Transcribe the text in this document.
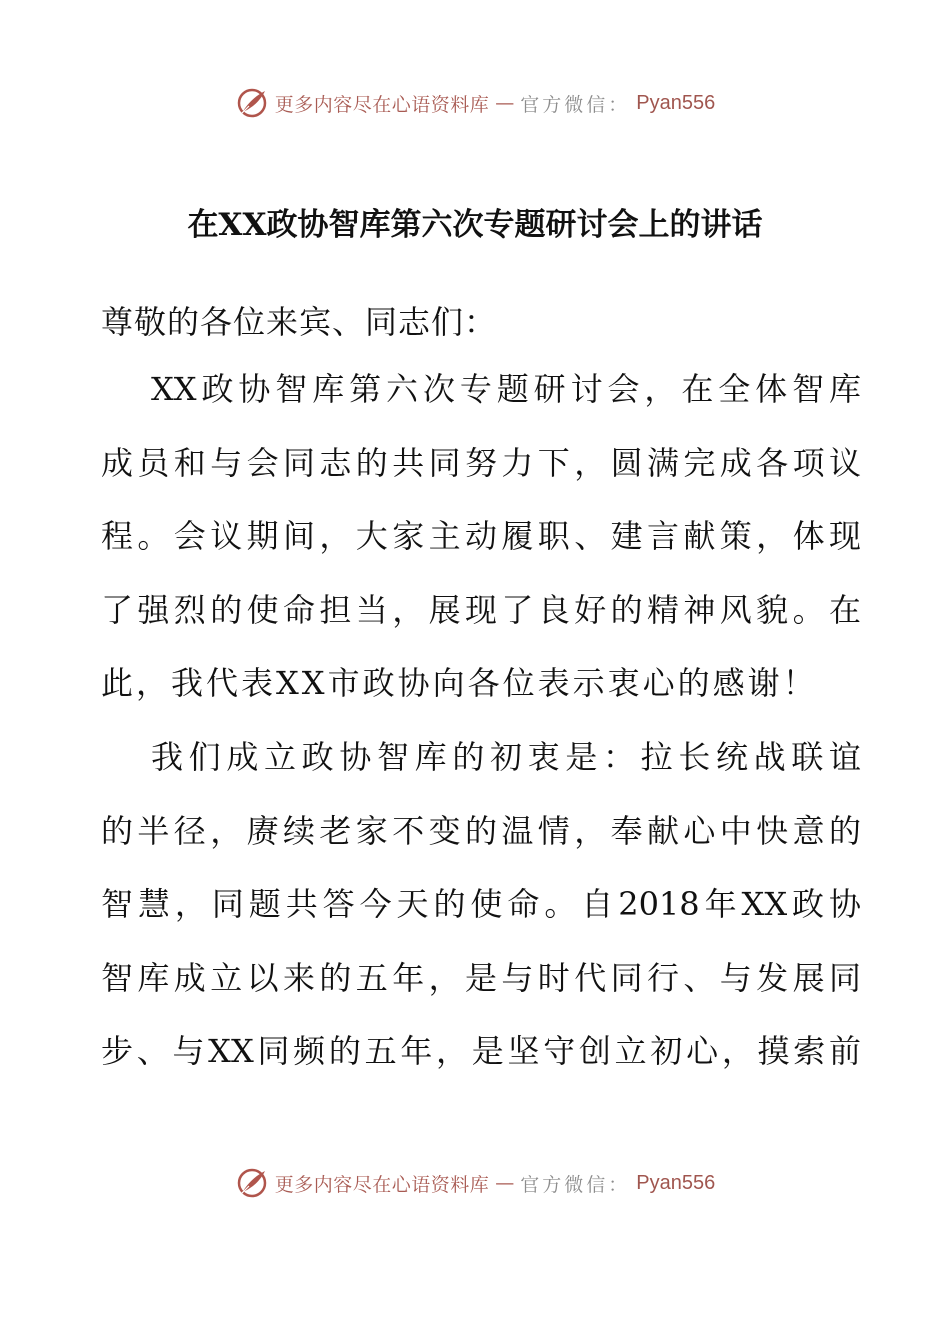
更多内容尽在心语资料库 — 官方微信： Pyan556
在XX政协智库第六次专题研讨会上的讲话

尊敬的各位来宾、同志们：

XX政协智库第六次专题研讨会，在全体智库
成员和与会同志的共同努力下，圆满完成各项议
程。会议期间，大家主动履职、建言献策，体现
了强烈的使命担当，展现了良好的精神风貌。在
此，我代表XX市政协向各位表示衷心的感谢！
我们成立政协智库的初衷是：拉长统战联谊
的半径，赓续老家不变的温情，奉献心中快意的
智慧，同题共答今天的使命。自2018年XX政协
智库成立以来的五年，是与时代同行、与发展同
步、与XX同频的五年，是坚守创立初心，摸索前
更多内容尽在心语资料库 — 官方微信： Pyan556
